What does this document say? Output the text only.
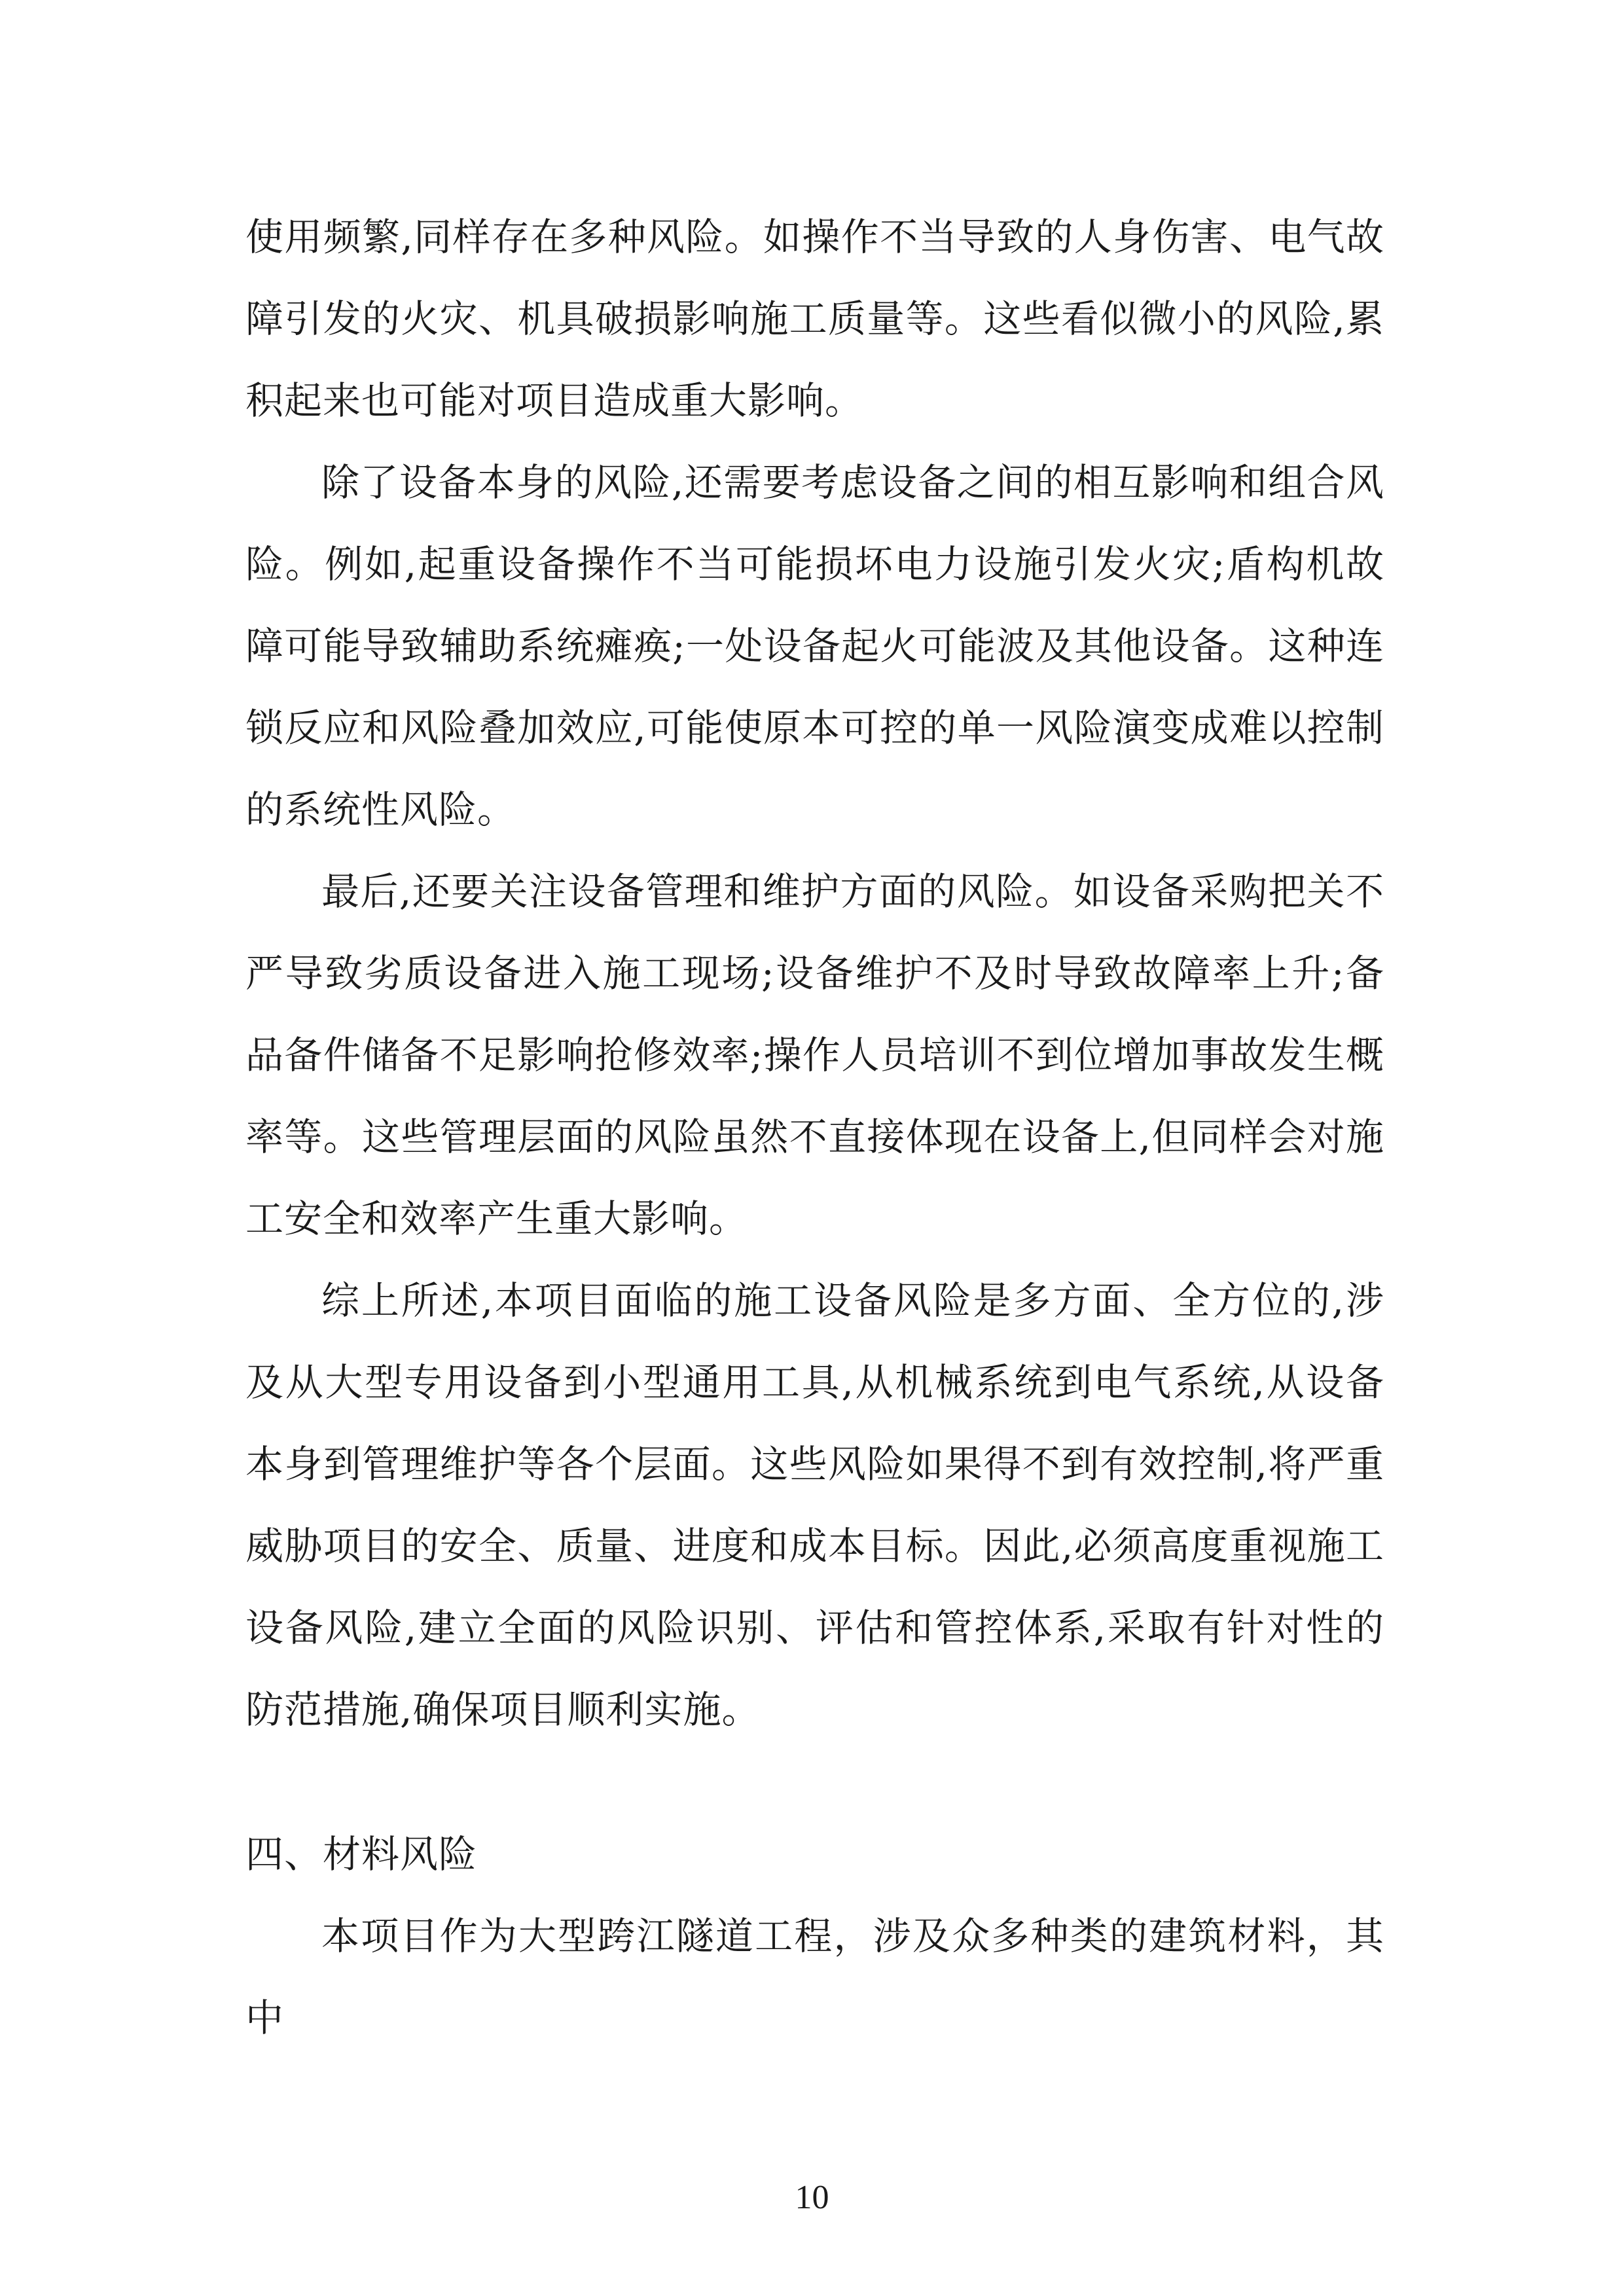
使用频繁,同样存在多种风险。如操作不当导致的人身伤害、电气故障引发的火灾、机具破损影响施工质量等。这些看似微小的风险,累积起来也可能对项目造成重大影响。

除了设备本身的风险,还需要考虑设备之间的相互影响和组合风险。例如,起重设备操作不当可能损坏电力设施引发火灾;盾构机故障可能导致辅助系统瘫痪;一处设备起火可能波及其他设备。这种连锁反应和风险叠加效应,可能使原本可控的单一风险演变成难以控制的系统性风险。

最后,还要关注设备管理和维护方面的风险。如设备采购把关不严导致劣质设备进入施工现场;设备维护不及时导致故障率上升;备品备件储备不足影响抢修效率;操作人员培训不到位增加事故发生概率等。这些管理层面的风险虽然不直接体现在设备上,但同样会对施工安全和效率产生重大影响。

综上所述,本项目面临的施工设备风险是多方面、全方位的,涉及从大型专用设备到小型通用工具,从机械系统到电气系统,从设备本身到管理维护等各个层面。这些风险如果得不到有效控制,将严重威胁项目的安全、质量、进度和成本目标。因此,必须高度重视施工设备风险,建立全面的风险识别、评估和管控体系,采取有针对性的防范措施,确保项目顺利实施。

四、材料风险

本项目作为大型跨江隧道工程，涉及众多种类的建筑材料，其中

10
